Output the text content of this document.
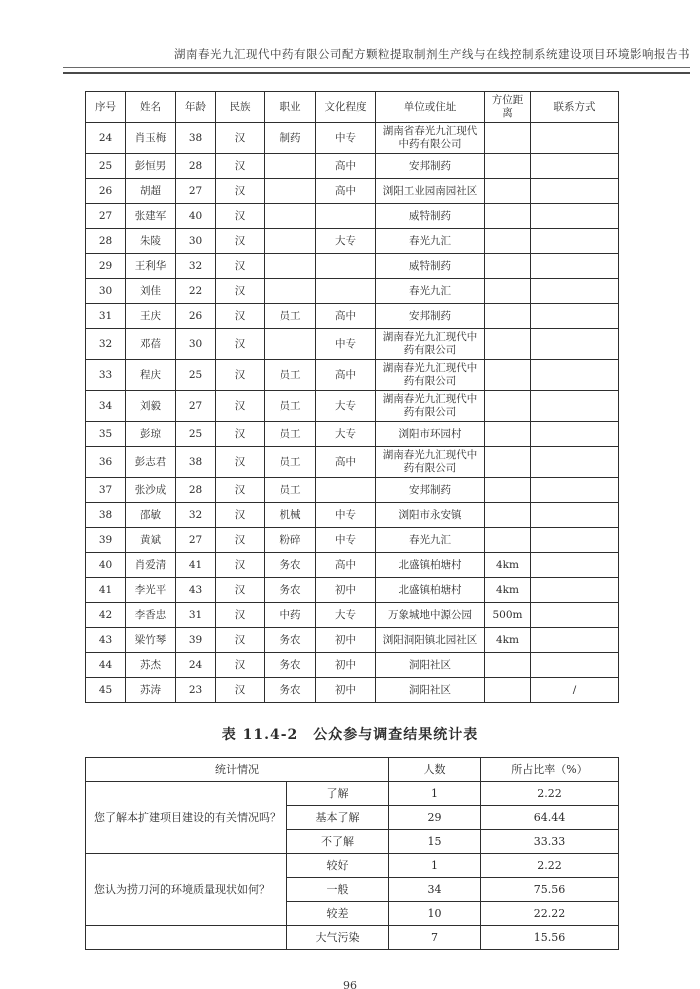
湖南春光九汇现代中药有限公司配方颗粒提取制剂生产线与在线控制系统建设项目环境影响报告书
序号	姓名	年龄	民族	职业	文化程度	单位或住址	方位距离	联系方式
24	肖玉梅	38	汉	制药	中专	湖南省春光九汇现代中药有限公司		
25	彭恒男	28	汉		高中	安邦制药		
26	胡超	27	汉		高中	浏阳工业园南园社区		
27	张建军	40	汉			威特制药		
28	朱陵	30	汉		大专	春光九汇		
29	王利华	32	汉			威特制药		
30	刘佳	22	汉			春光九汇		
31	王庆	26	汉	员工	高中	安邦制药		
32	邓蓓	30	汉		中专	湖南春光九汇现代中药有限公司		
33	程庆	25	汉	员工	高中	湖南春光九汇现代中药有限公司		
34	刘毅	27	汉	员工	大专	湖南春光九汇现代中药有限公司		
35	彭琼	25	汉	员工	大专	浏阳市环园村		
36	彭志君	38	汉	员工	高中	湖南春光九汇现代中药有限公司		
37	张沙成	28	汉	员工		安邦制药		
38	邵敏	32	汉	机械	中专	浏阳市永安镇		
39	黄斌	27	汉	粉碎	中专	春光九汇		
40	肖爱清	41	汉	务农	高中	北盛镇柏塘村	4km	
41	李光平	43	汉	务农	初中	北盛镇柏塘村	4km	
42	李香忠	31	汉	中药	大专	万象城地中源公园	500m	
43	梁竹琴	39	汉	务农	初中	浏阳洞阳镇北园社区	4km	
44	苏杰	24	汉	务农	初中	洞阳社区		
45	苏涛	23	汉	务农	初中	洞阳社区		/
表 11.4-2　公众参与调查结果统计表
统计情况		人数	所占比率（%）
您了解本扩建项目建设的有关情况吗？	了解	1	2.22
	基本了解	29	64.44
	不了解	15	33.33
您认为捞刀河的环境质量现状如何？	较好	1	2.22
	一般	34	75.56
	较差	10	22.22
	大气污染	7	15.56
96
